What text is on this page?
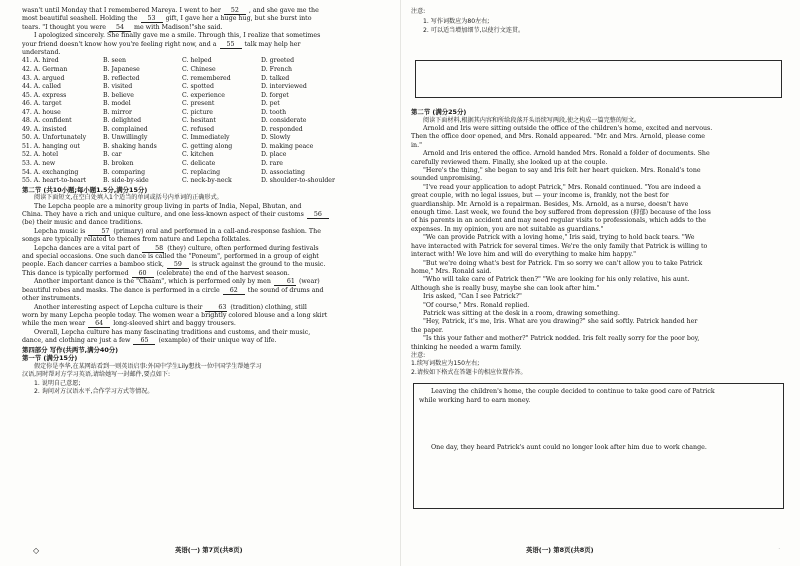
wasn't until Monday that I remembered Mareya. I went to her 52 , and she gave me the

most beautiful seashell. Holding the 53 gift, I gave her a huge hug, but she burst into

tears. "I thought you were 54 me with Madison!"she said.

I apologized sincerely. She finally gave me a smile. Through this, I realize that sometimes

your friend doesn't know how you're feeling right now, and a 55 talk may help her

understand.

41. A. hired	B. seen	C. helped	D. greeted
42. A. German	B. Japanese	C. Chinese	D. French
43. A. argued	B. reflected	C. remembered	D. talked
44. A. called	B. visited	C. spotted	D. interviewed
45. A. express	B. believe	C. experience	D. forget
46. A. target	B. model	C. present	D. pet
47. A. house	B. mirror	C. picture	D. tooth
48. A. confident	B. delighted	C. hesitant	D. considerate
49. A. insisted	B. complained	C. refused	D. responded
50. A. Unfortunately	B. Unwillingly	C. Immediately	D. Slowly
51. A. hanging out	B. shaking hands	C. getting along	D. making peace
52. A. hotel	B. car	C. kitchen	D. place
53. A. new	B. broken	C. delicate	D. rare
54. A. exchanging	B. comparing	C. replacing	D. associating
55. A. heart-to-heart	B. side-by-side	C. neck-by-neck	D. shoulder-to-shoulder

第二节 (共10小题;每小题1.5分,满分15分)

阅读下面短文,在空白处填入1个适当的单词或括号内单词的正确形式。

The Lepcha people are a minority group living in parts of India, Nepal, Bhutan, and

China. They have a rich and unique culture, and one less-known aspect of their customs 56

(be) their music and dance traditions.

Lepcha music is	57 (primary) oral and performed in a call-and-response fashion. The

songs are typically related to themes from nature and Lepcha folktales.

Lepcha dances are a vital part of	58 (they) culture, often performed during festivals

and special occasions. One such dance is called the "Poneum", performed in a group of eight

people. Each dancer carries a bamboo stick, 59 is struck against the ground to the music.

This dance is typically performed 60 (celebrate) the end of the harvest season.

Another important dance is the "Chaam", which is performed only by men	61 (wear)

beautiful robes and masks. The dance is performed in a circle 62 the sound of drums and

other instruments.

Another interesting aspect of Lepcha culture is their	63 (tradition) clothing, still

worn by many Lepcha people today. The women wear a brightly colored blouse and a long skirt

while the men wear 64 long-sleeved shirt and baggy trousers.

Overall, Lepcha culture has many fascinating traditions and customs, and their music,

dance, and clothing are just a few 65 (example) of their unique way of life.

第四部分 写作(共两节,满分40分)

第一节 (满分15分)

假定你是李华,在某网站看到一则英语启事:外国中学生Lily想找一位中国学生帮她学习

汉语,同时帮对方学习英语,请给她写一封邮件,要点如下:

1. 说明自己意愿;

2. 询问对方汉语水平,合作学习方式等情况。

◇	英语(一) 第7页(共8页)

注意:

1. 写作词数应为80左右;

2. 可以适当增加细节,以使行文连贯。

第二节 (满分25分)

阅读下面材料,根据其内容和所给段落开头语续写两段,使之构成一篇完整的短文。

Arnold and Iris were sitting outside the office of the children's home, excited and nervous.

Then the office door opened, and Mrs. Ronald appeared. "Mr. and Mrs. Arnold, please come

in."

Arnold and Iris entered the office. Arnold handed Mrs. Ronald a folder of documents. She

carefully reviewed them. Finally, she looked up at the couple.

"Here's the thing," she began to say and Iris felt her heart quicken. Mrs. Ronald's tone

sounded unpromising.

"I've read your application to adopt Patrick," Mrs. Ronald continued. "You are indeed a

great couple, with no legal issues, but — your income is, frankly, not the best for

guardianship. Mr. Arnold is a repairman. Besides, Ms. Arnold, as a nurse, doesn't have

enough time. Last week, we found the boy suffered from depression (抑郁) because of the loss

of his parents in an accident and may need regular visits to professionals, which adds to the

expenses. In my opinion, you are not suitable as guardians."

"We can provide Patrick with a loving home," Iris said, trying to hold back tears. "We

have interacted with Patrick for several times. We're the only family that Patrick is willing to

interact with! We love him and will do everything to make him happy."

"But we're doing what's best for Patrick. I'm so sorry we can't allow you to take Patrick

home," Mrs. Ronald said.

"Who will take care of Patrick then?" "We are looking for his only relative, his aunt.

Although she is really busy, maybe she can look after him."

Iris asked, "Can I see Patrick?"

"Of course," Mrs. Ronald replied.

Patrick was sitting at the desk in a room, drawing something.

"Hey, Patrick, it's me, Iris. What are you drawing?" she said softly. Patrick handed her

the paper.

"Is this your father and mother?" Patrick nodded. Iris felt really sorry for the poor boy,

thinking he needed a warm family.

注意:

1.续写词数应为150左右;

2.请按如下格式在答题卡的相应位置作答。

Leaving the children's home, the couple decided to continue to take good care of Patrick

while working hard to earn money.

One day, they heard Patrick's aunt could no longer look after him due to work change.

英语(一) 第8页(共8页)	·
